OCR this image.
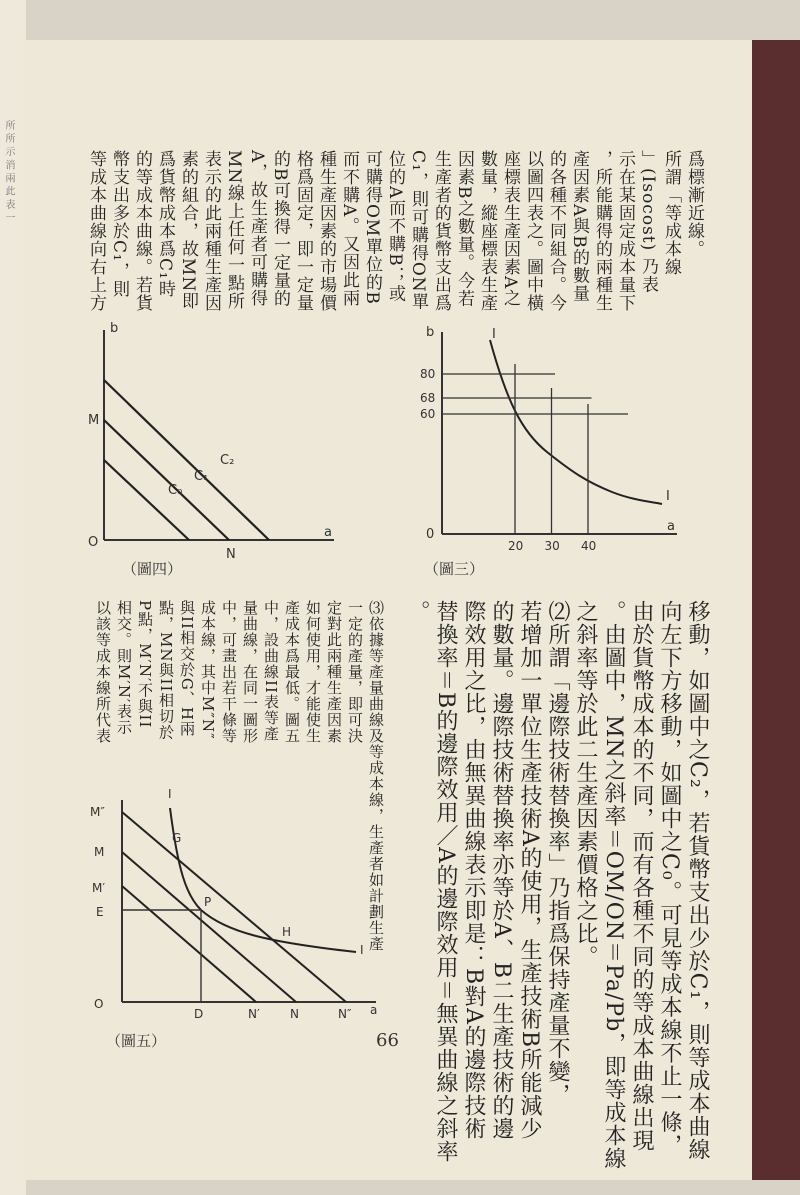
所 所 示 消 兩 此 表 一	爲標漸近線。
所謂「等成本線
」(Isocost) 乃表
示在某固定成本量下
，所能購得的兩種生
產因素A與B的數量
的各種不同組合。今
以圖四表之。圖中橫
座標表生產因素A之
數量，縱座標表生產
因素B之數量。今若
生產者的貨幣支出爲
C₁，則可購得ON單
位的A而不購B；或
可購得OM單位的B
而不購A。又因此兩
種生產因素的市場價
格爲固定，即一定量
的B可換得一定量的
A，故生產者可購得
MN線上任何一點所
表示的此兩種生產因
素的組合，故MN即
爲貨幣成本爲C₁時
的等成本曲線。若貨
幣支出多於C₁，則
等成本曲線向右上方
b
M
O
N
a
C₀
C₁
C₂
（圖四）
20 30 40
60
68
80
b
0
a
I
I
（圖三）
移動，如圖中之C₂，若貨幣支出少於C₁，則等成本曲線
向左下方移動，如圖中之C₀。可見等成本線不止一條，
由於貨幣成本的不同，而有各種不同的等成本曲線出現
。由圖中，MN之斜率＝OM/ON＝Pa/Pb，即等成本線
之斜率等於此二生產因素價格之比。
⑵所謂「邊際技術替換率」乃指爲保持產量不變，
若增加一單位生產技術A的使用，生產技術B所能減少
的數量。邊際技術替換率亦等於A、B二生產技術的邊
際效用之比，由無異曲線表示即是：B對A的邊際技術
替換率＝B的邊際效用／A的邊際效用＝無異曲線之斜率
。
⑶依據等產量曲線及等成本線，生產者如計劃生產
一定的產量，即可決
定對此兩種生產因素
如何使用，才能使生
產成本爲最低。圖五
中，設曲線II表等產
量曲線，在同一圖形
中，可畫出若干條等
成本線，其中M″N″
與II相交於G、H兩
點，MN與II相切於
P點，M′N′不與II
相交。則M′N′表示
以該等成本線所代表
I
I
M″
M
M′
E
O
D	N′	N	N″ a
G
P
H
（圖五）	66
